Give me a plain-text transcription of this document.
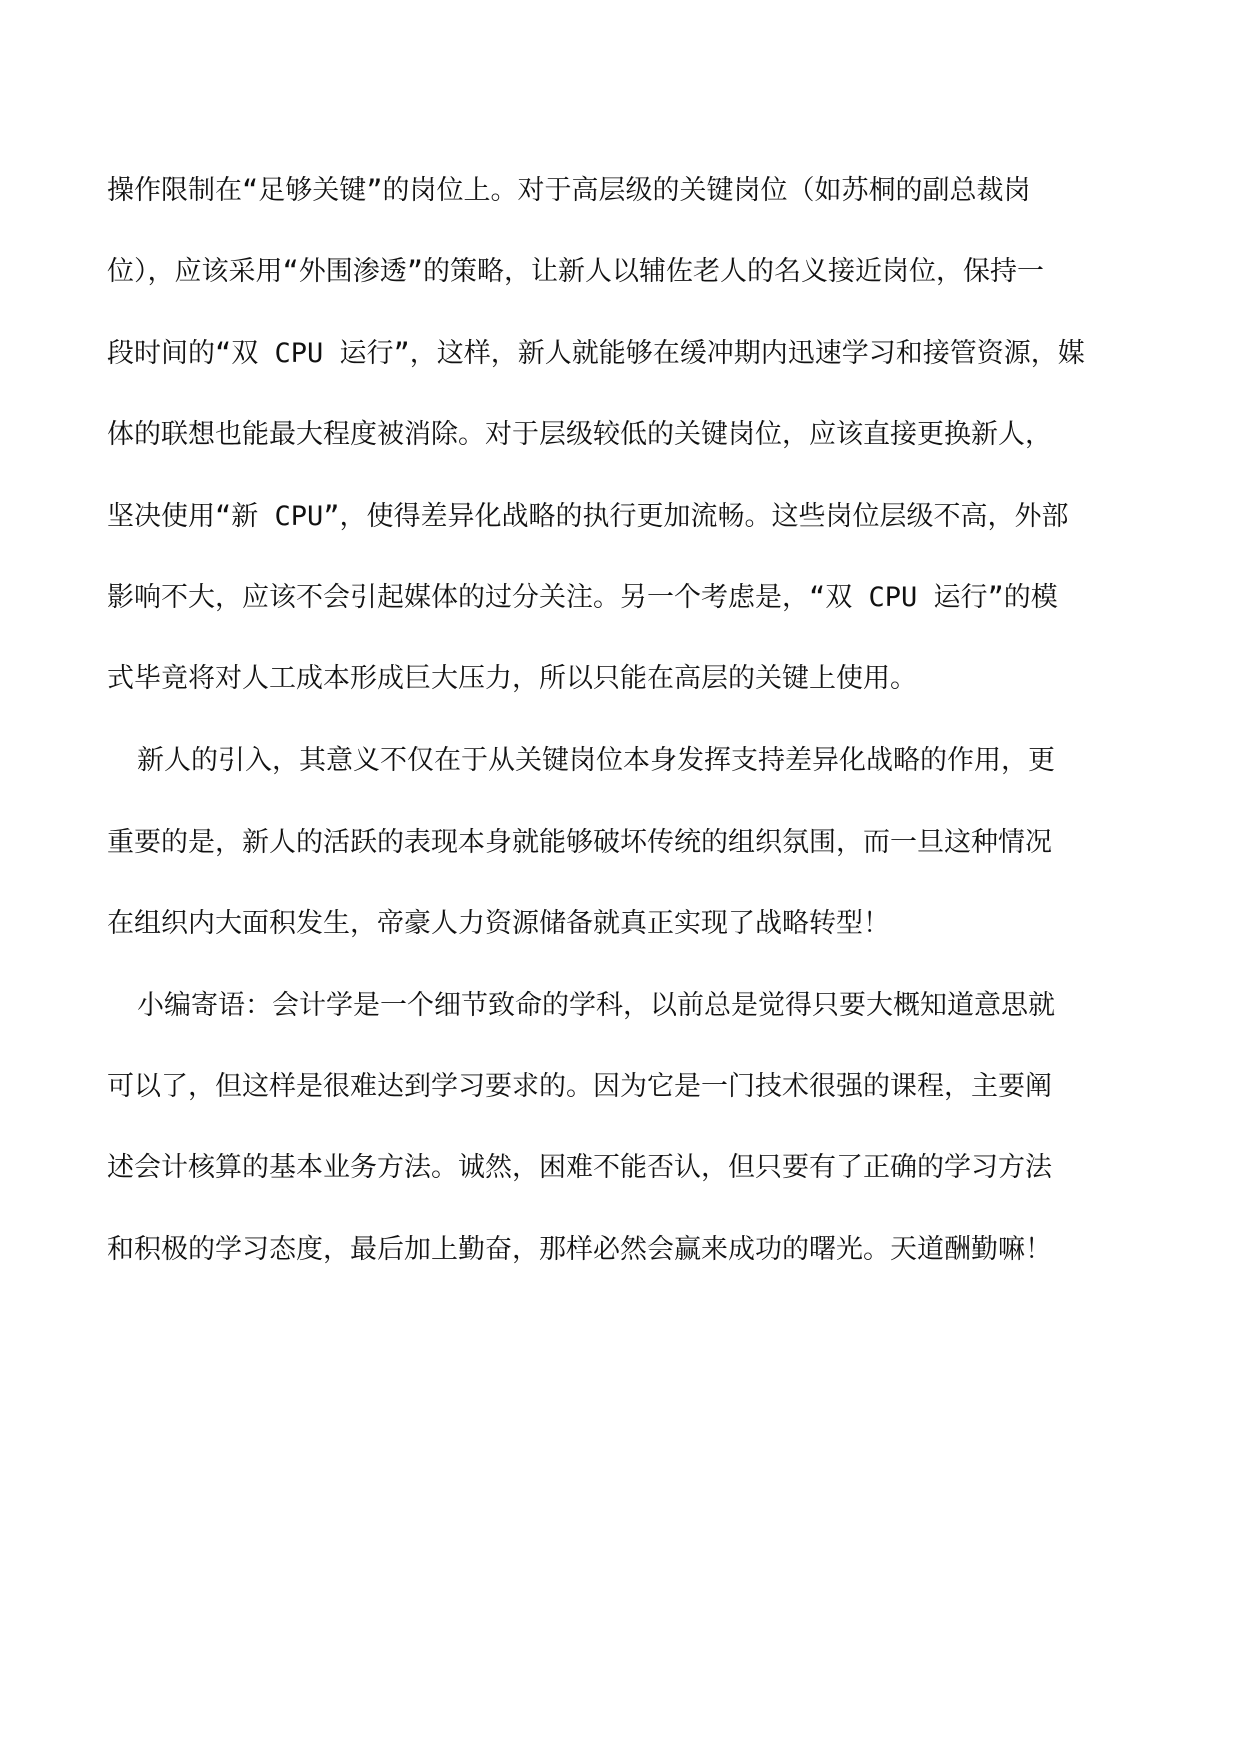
操作限制在“足够关键”的岗位上。对于高层级的关键岗位（如苏桐的副总裁岗
位），应该采用“外围渗透”的策略，让新人以辅佐老人的名义接近岗位，保持一
段时间的“双 CPU 运行”，这样，新人就能够在缓冲期内迅速学习和接管资源，媒
体的联想也能最大程度被消除。对于层级较低的关键岗位，应该直接更换新人，
坚决使用“新 CPU”，使得差异化战略的执行更加流畅。这些岗位层级不高，外部
影响不大，应该不会引起媒体的过分关注。另一个考虑是，“双 CPU 运行”的模
式毕竟将对人工成本形成巨大压力，所以只能在高层的关键上使用。
新人的引入，其意义不仅在于从关键岗位本身发挥支持差异化战略的作用，更
重要的是，新人的活跃的表现本身就能够破坏传统的组织氛围，而一旦这种情况
在组织内大面积发生，帝豪人力资源储备就真正实现了战略转型！
小编寄语：会计学是一个细节致命的学科，以前总是觉得只要大概知道意思就
可以了，但这样是很难达到学习要求的。因为它是一门技术很强的课程，主要阐
述会计核算的基本业务方法。诚然，困难不能否认，但只要有了正确的学习方法
和积极的学习态度，最后加上勤奋，那样必然会赢来成功的曙光。天道酬勤嘛！
